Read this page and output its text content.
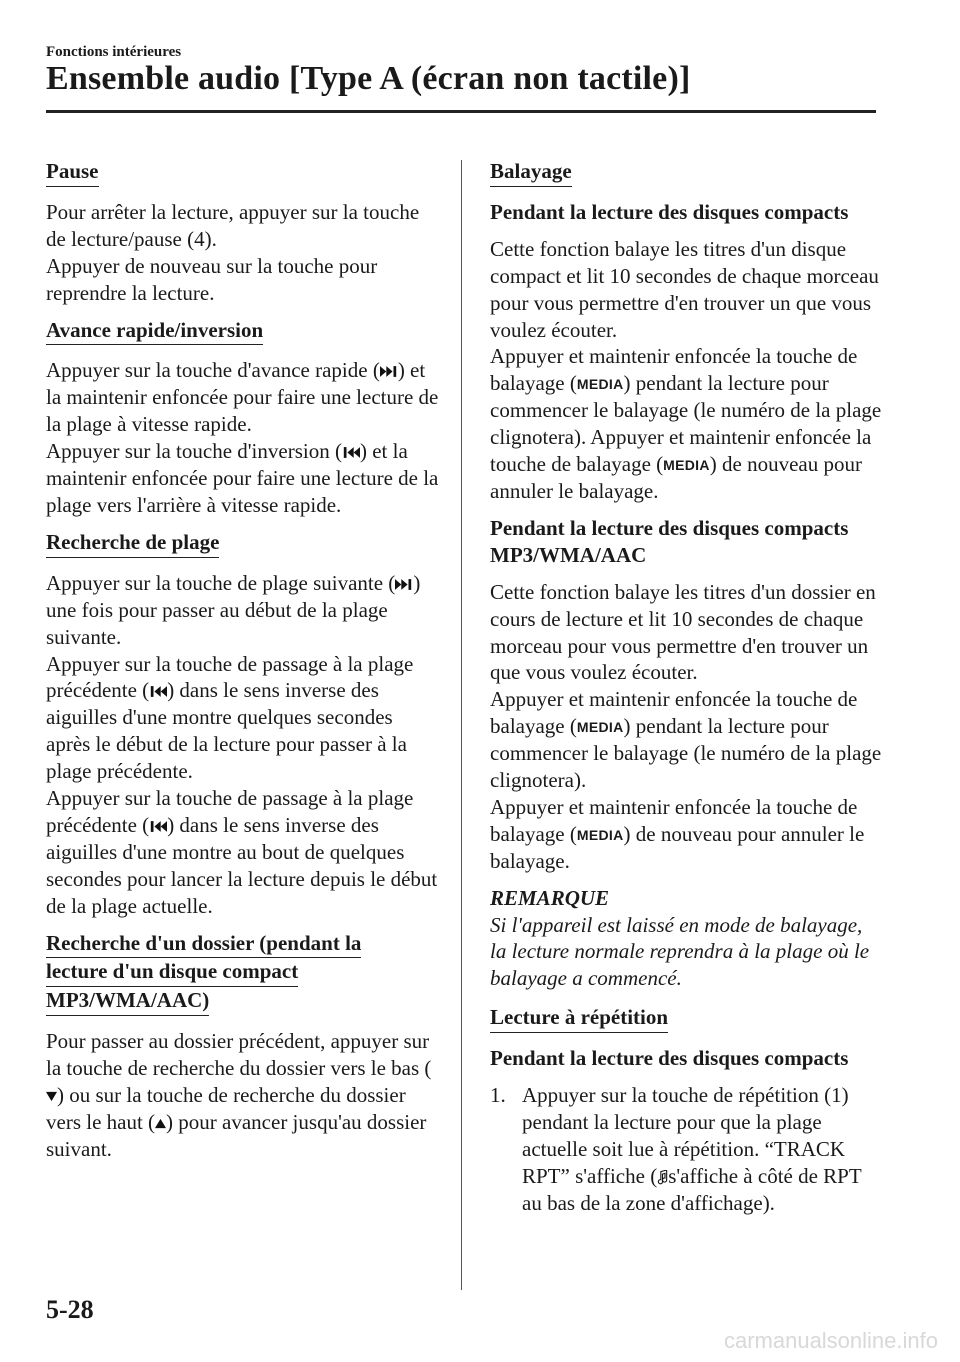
Fonctions intérieures
Ensemble audio [Type A (écran non tactile)]
Pause

Pour arrêter la lecture, appuyer sur la touche de lecture/pause (4).

Appuyer de nouveau sur la touche pour reprendre la lecture.

Avance rapide/inversion

Appuyer sur la touche d'avance rapide ( ) et la maintenir enfoncée pour faire une lecture de la plage à vitesse rapide.

Appuyer sur la touche d'inversion ( ) et la maintenir enfoncée pour faire une lecture de la plage vers l'arrière à vitesse rapide.

Recherche de plage

Appuyer sur la touche de plage suivante ( ) une fois pour passer au début de la plage suivante.

Appuyer sur la touche de passage à la plage précédente ( ) dans le sens inverse des aiguilles d'une montre quelques secondes après le début de la lecture pour passer à la plage précédente.

Appuyer sur la touche de passage à la plage précédente ( ) dans le sens inverse des aiguilles d'une montre au bout de quelques secondes pour lancer la lecture depuis le début de la plage actuelle.

Recherche d'un dossier (pendant la
lecture d'un disque compact
MP3/WMA/AAC)

Pour passer au dossier précédent, appuyer sur la touche de recherche du dossier vers le bas () ou sur la touche de recherche du dossier vers le haut ( ) pour avancer jusqu'au dossier suivant.

Balayage
Pendant la lecture des disques compacts

Cette fonction balaye les titres d'un disque compact et lit 10 secondes de chaque morceau pour vous permettre d'en trouver un que vous voulez écouter.

Appuyer et maintenir enfoncée la touche de balayage (MEDIA) pendant la lecture pour commencer le balayage (le numéro de la plage clignotera). Appuyer et maintenir enfoncée la touche de balayage (MEDIA) de nouveau pour annuler le balayage.

Pendant la lecture des disques compacts MP3/WMA/AAC

Cette fonction balaye les titres d'un dossier en cours de lecture et lit 10 secondes de chaque morceau pour vous permettre d'en trouver un que vous voulez écouter.

Appuyer et maintenir enfoncée la touche de balayage (MEDIA) pendant la lecture pour commencer le balayage (le numéro de la plage clignotera).

Appuyer et maintenir enfoncée la touche de balayage (MEDIA) de nouveau pour annuler le balayage.

REMARQUE
Si l'appareil est laissé en mode de balayage, la lecture normale reprendra à la plage où le balayage a commencé.
Lecture à répétition
Pendant la lecture des disques compacts
1. Appuyer sur la touche de répétition (1) pendant la lecture pour que la plage actuelle soit lue à répétition. “TRACK RPT” s'affiche ( s'affiche à côté de RPT au bas de la zone d'affichage).
5-28
carmanualsonline.info
